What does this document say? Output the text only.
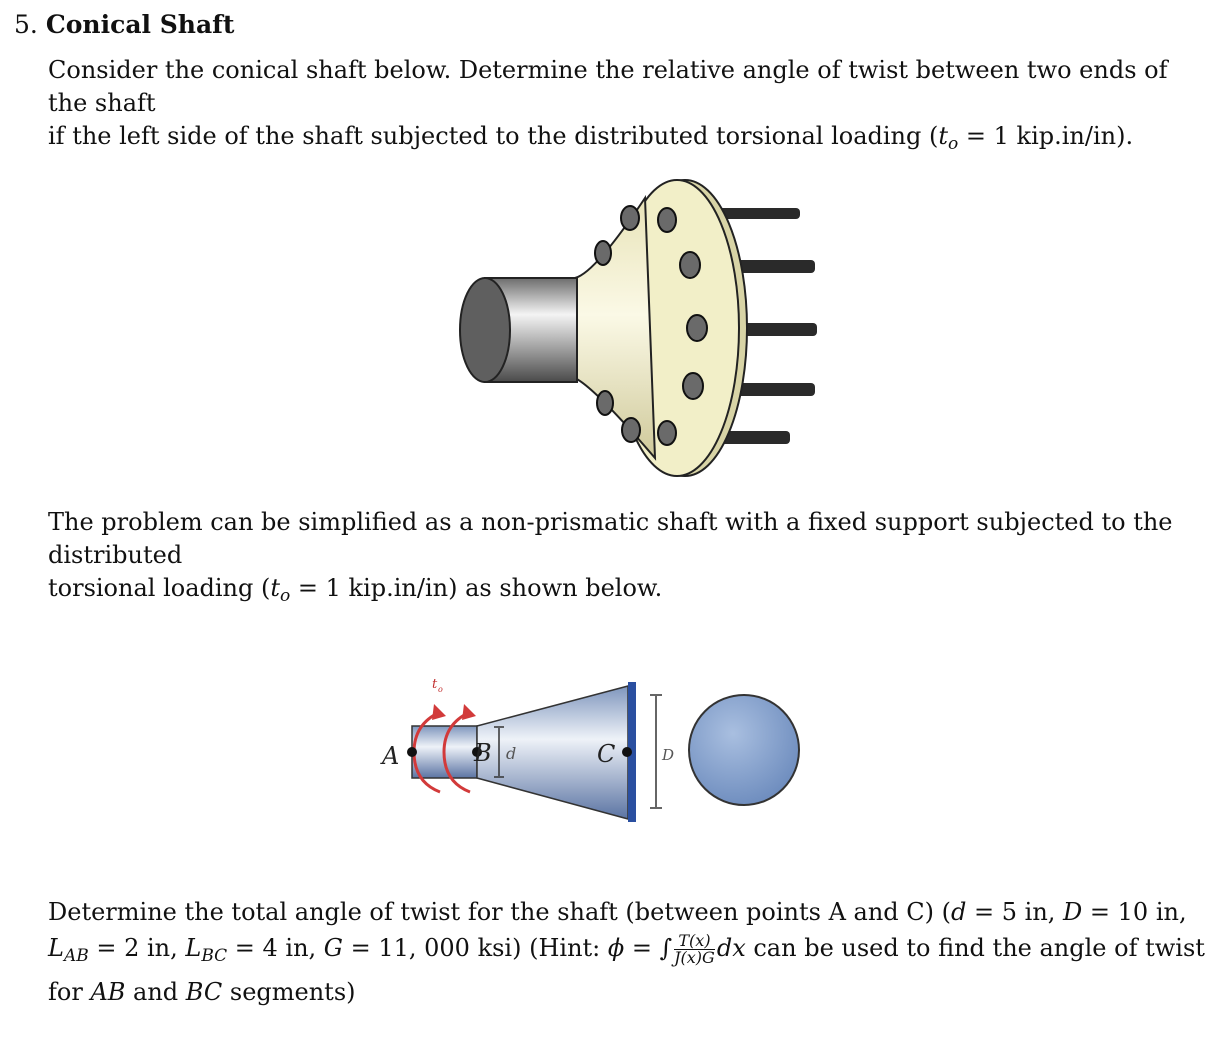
5. Conical Shaft
Consider the conical shaft below. Determine the relative angle of twist between two ends of the shaft
if the left side of the shaft subjected to the distributed torsional loading ($t_o = 1$ kip.in/in).
The problem can be simplified as a non-prismatic shaft with a fixed support subjected to the distributed
torsional loading ($t_o = 1$ kip.in/in) as shown below.
t o
A	B	C
d	D
Determine the total angle of twist for the shaft (between points A and C) (d = 5 in, D = 10 in,
$L_{AB} = 2$ in, $L_{BC} = 4$ in, G = 11, 000 ksi) (Hint: ϕ = ∫ $\frac{T(x)}{J(x)G}$ dx can be used to find the angle of twist
for AB and BC segments)
